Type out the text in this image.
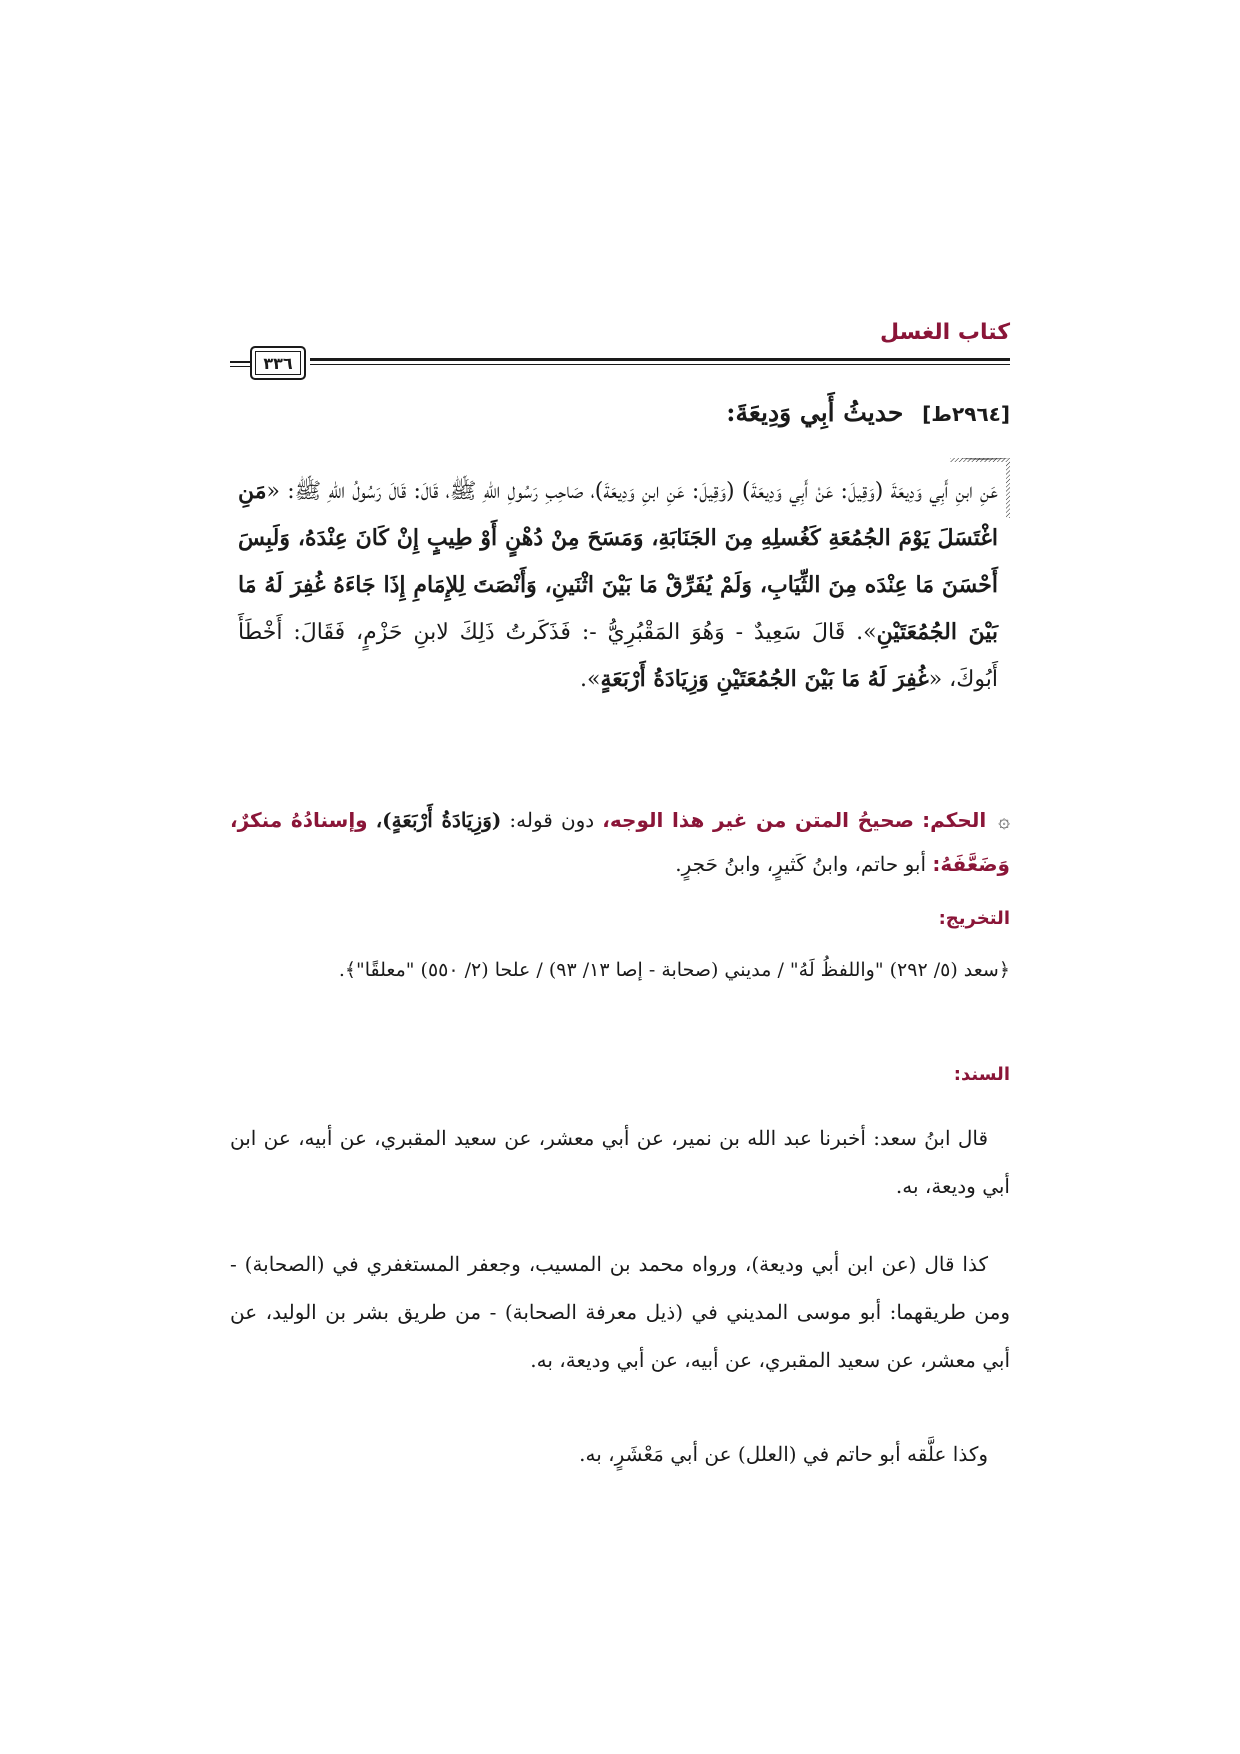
كتاب الغسل
٣٣٦
[٢٩٦٤ط] حديثُ أَبِي وَدِيعَةَ:
عَنِ ابنِ أَبِي وَدِيعَةَ (وَقِيلَ: عَنْ أَبِي وَدِيعَةَ) (وَقِيلَ: عَنِ ابنِ وَدِيعَةَ)، صَاحِبِ رَسُولِ اللهِ ﷺ، قَالَ: قَالَ رَسُولُ اللهِ ﷺ: «مَنِ اغْتَسَلَ يَوْمَ الجُمُعَةِ كَغُسلِهِ مِنَ الجَنَابَةِ، وَمَسَحَ مِنْ دُهْنٍ أَوْ طِيبٍ إِنْ كَانَ عِنْدَهُ، وَلَبِسَ أَحْسَنَ مَا عِنْدَه مِنَ الثِّيَابِ، وَلَمْ يُفَرِّقْ مَا بَيْنَ اثْنَينِ، وَأَنْصَتَ لِلإِمَامِ إِذَا جَاءَهُ غُفِرَ لَهُ مَا بَيْنَ الجُمُعَتَيْنِ». قَالَ سَعِيدٌ - وَهُوَ المَقْبُرِيُّ -: فَذَكَرتُ ذَلِكَ لابنِ حَزْمٍ، فَقَالَ: أَخْطَأَ أَبُوكَ، «غُفِرَ لَهُ مَا بَيْنَ الجُمُعَتَيْنِ وَزِيَادَةُ أَرْبَعَةٍ».
۞ الحكم: صحيحُ المتن من غير هذا الوجه، دون قوله: (وَزِيَادَةُ أَرْبَعَةٍ)، وإسنادُهُ منكرٌ، وَضَعَّفَهُ: أبو حاتم، وابنُ كَثيرٍ، وابنُ حَجرٍ.
التخريج:
﴿سعد (٥/ ٢٩٢) "واللفظُ لَهُ" / مديني (صحابة - إصا ١٣/ ٩٣) / علحا (٢/ ٥٥٠) "معلقًا"﴾.
السند:
قال ابنُ سعد: أخبرنا عبد الله بن نمير، عن أبي معشر، عن سعيد المقبري، عن أبيه، عن ابن أبي وديعة، به.
كذا قال (عن ابن أبي وديعة)، ورواه محمد بن المسيب، وجعفر المستغفري في (الصحابة) - ومن طريقهما: أبو موسى المديني في (ذيل معرفة الصحابة) - من طريق بشر بن الوليد، عن أبي معشر، عن سعيد المقبري، عن أبيه، عن أبي وديعة، به.
وكذا علَّقه أبو حاتم في (العلل) عن أبي مَعْشَرٍ، به.
